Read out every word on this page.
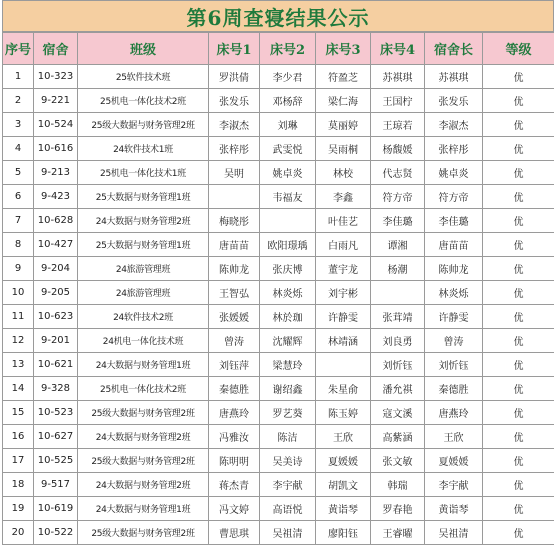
第6周查寝结果公示
序号	宿舍	班级	床号1	床号2	床号3	床号4	宿舍长	等级
1	10-323	25软件技术班	罗洪倩	李少君	符盈芝	苏祺琪	苏祺琪	优
2	9-221	25机电一体化技术2班	张发乐	邓杨辞	梁仁海	王国柠	张发乐	优
3	10-524	25级大数据与财务管理2班	李淑杰	刘琳	莫丽婷	王琼若	李淑杰	优
4	10-616	24软件技术1班	张梓彤	武雯悦	吴雨桐	杨馥媛	张梓彤	优
5	9-213	25机电一体化技术1班	吴明	姚卓炎	林校	代志贤	姚卓炎	优
6	9-423	25大数据与财务管理1班		韦福友	李鑫	符方帝	符方帝	优
7	10-628	24大数据与财务管理2班	梅晓彤		叶佳艺	李佳璐	李佳璐	优
8	10-427	25大数据与财务管理1班	唐苗苗	欧阳璟瑀	白雨凡	谭湘	唐苗苗	优
9	9-204	24旅游管理班	陈帅龙	张庆博	董宇龙	杨潮	陈帅龙	优
10	9-205	24旅游管理班	王智弘	林炎烁	刘宇彬		林炎烁	优
11	10-623	24软件技术2班	张媛媛	林於珈	许静雯	张茸靖	许静雯	优
12	9-201	24机电一体化技术班	曾涛	沈耀辉	林靖涵	刘良勇	曾涛	优
13	10-621	24大数据与财务管理1班	刘钰萍	梁慧玲		刘忻钰	刘忻钰	优
14	9-328	25机电一体化技术2班	秦德胜	谢绍鑫	朱星俞	潘允祺	秦德胜	优
15	10-523	25级大数据与财务管理2班	唐燕玲	罗艺葵	陈玉婷	寇文溪	唐燕玲	优
16	10-627	24大数据与财务管理2班	冯雅汝	陈洁	王欣	高紫涵	王欣	优
17	10-525	25级大数据与财务管理2班	陈明明	吴美诗	夏媛媛	张文敏	夏媛媛	优
18	9-517	24大数据与财务管理2班	蒋杰青	李宇献	胡凯文	韩瑞	李宇献	优
19	10-619	24大数据与财务管理1班	冯文婷	高语悦	黄诣琴	罗春艳	黄诣琴	优
20	10-522	25级大数据与财务管理2班	曹思琪	吴祖清	廖阳钰	王睿曜	吴祖清	优
